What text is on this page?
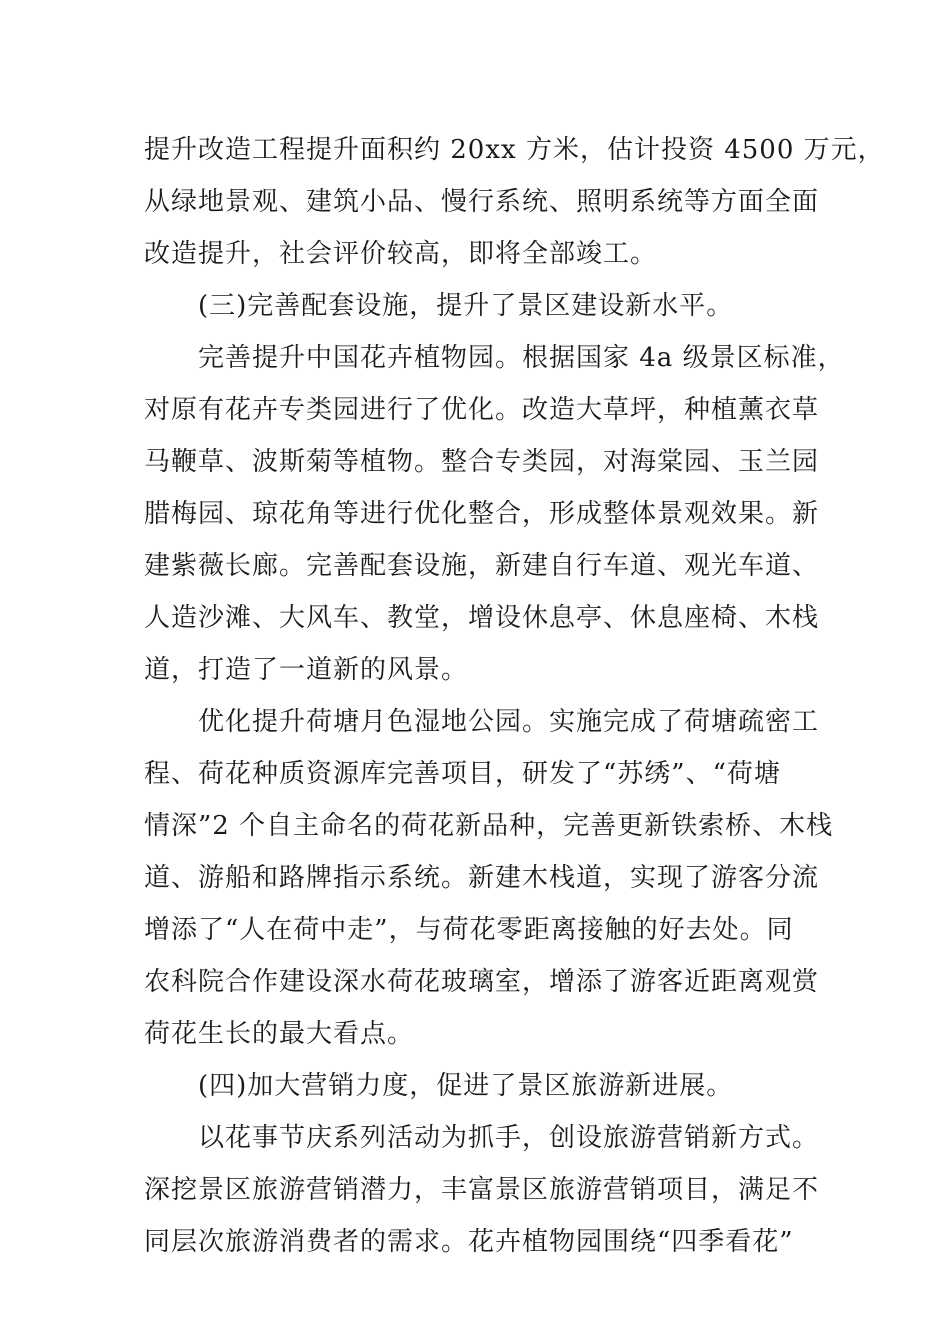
提升改造工程提升面积约 20xx 方米，估计投资 4500 万元，
从绿地景观、建筑小品、慢行系统、照明系统等方面全面
改造提升，社会评价较高，即将全部竣工。
(三)完善配套设施，提升了景区建设新水平。
完善提升中国花卉植物园。根据国家 4a 级景区标准，
对原有花卉专类园进行了优化。改造大草坪，种植薰衣草
马鞭草、波斯菊等植物。整合专类园，对海棠园、玉兰园
腊梅园、琼花角等进行优化整合，形成整体景观效果。新
建紫薇长廊。完善配套设施，新建自行车道、观光车道、
人造沙滩、大风车、教堂，增设休息亭、休息座椅、木栈
道，打造了一道新的风景。
优化提升荷塘月色湿地公园。实施完成了荷塘疏密工
程、荷花种质资源库完善项目，研发了“苏绣”、“荷塘
情深”2 个自主命名的荷花新品种，完善更新铁索桥、木栈
道、游船和路牌指示系统。新建木栈道，实现了游客分流
增添了“人在荷中走”，与荷花零距离接触的好去处。同
农科院合作建设深水荷花玻璃室，增添了游客近距离观赏
荷花生长的最大看点。
(四)加大营销力度，促进了景区旅游新进展。
以花事节庆系列活动为抓手，创设旅游营销新方式。
深挖景区旅游营销潜力，丰富景区旅游营销项目，满足不
同层次旅游消费者的需求。花卉植物园围绕“四季看花”
